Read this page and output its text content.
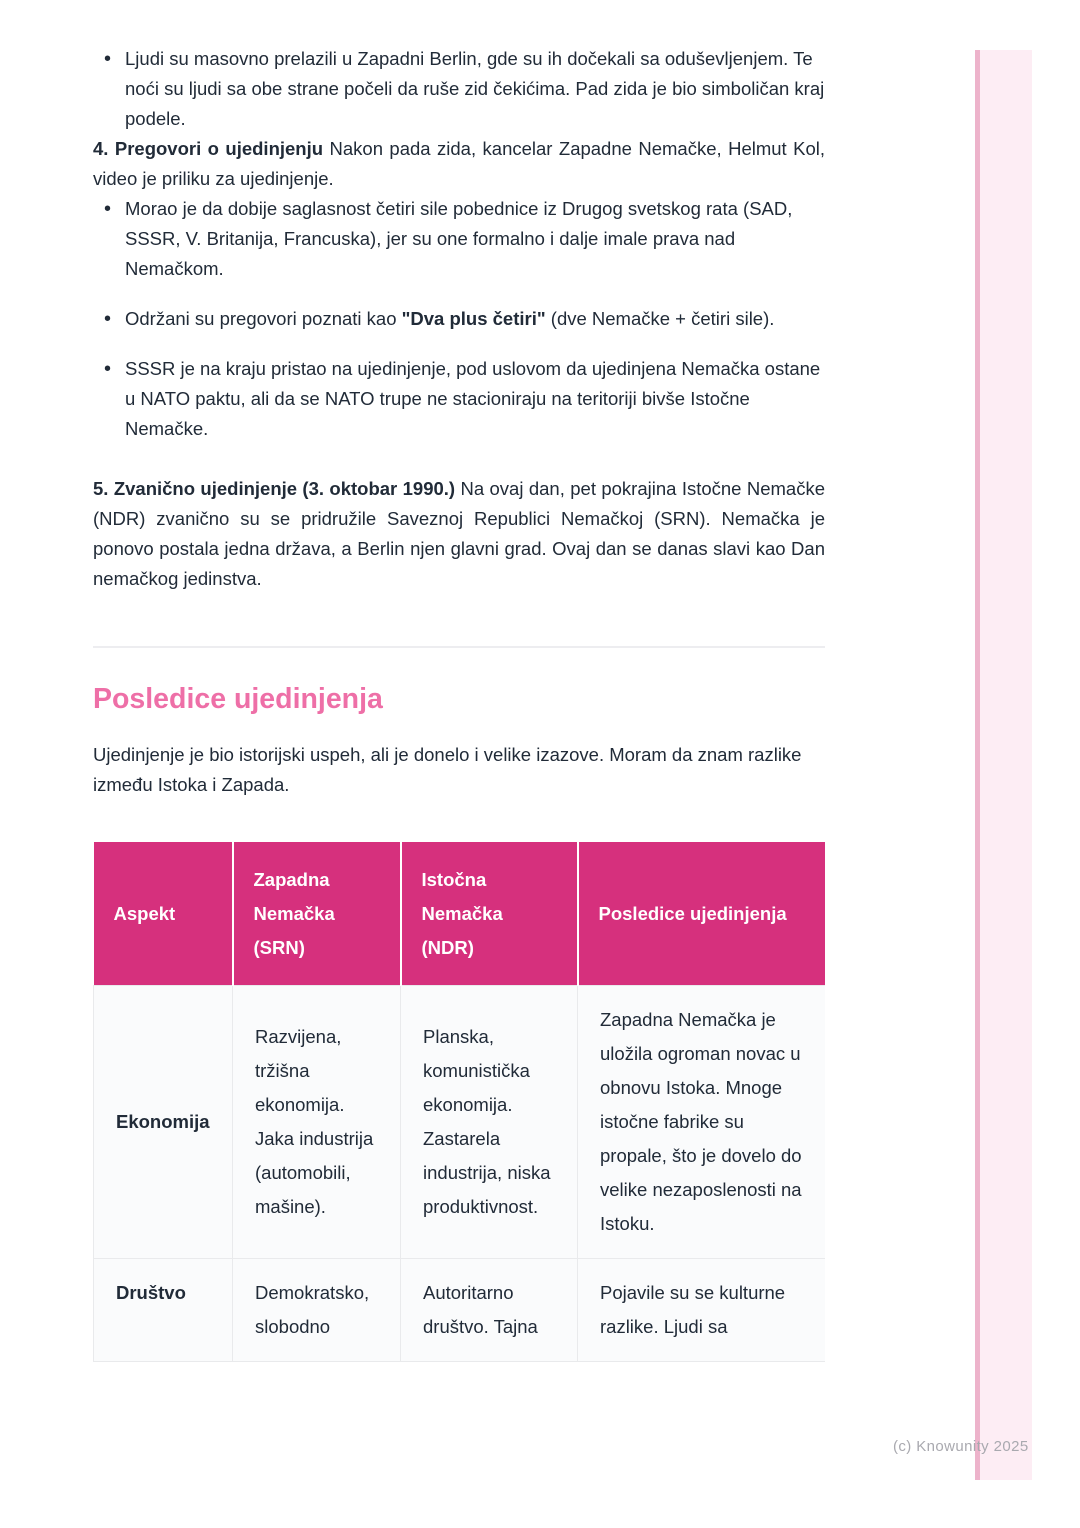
(c) Knowunity 2025
• Ljudi su masovno prelazili u Zapadni Berlin, gde su ih dočekali sa oduševljenjem. Te noći su ljudi sa obe strane počeli da ruše zid čekićima. Pad zida je bio simboličan kraj podele.

4. Pregovori o ujedinjenju Nakon pada zida, kancelar Zapadne Nemačke, Helmut Kol, video je priliku za ujedinjenje.

• Morao je da dobije saglasnost četiri sile pobednice iz Drugog svetskog rata (SAD, SSSR, V. Britanija, Francuska), jer su one formalno i dalje imale prava nad Nemačkom.
• Održani su pregovori poznati kao "Dva plus četiri" (dve Nemačke + četiri sile).
• SSSR je na kraju pristao na ujedinjenje, pod uslovom da ujedinjena Nemačka ostane u NATO paktu, ali da se NATO trupe ne stacioniraju na teritoriji bivše Istočne Nemačke.

5. Zvanično ujedinjenje (3. oktobar 1990.) Na ovaj dan, pet pokrajina Istočne Nemačke (NDR) zvanično su se pridružile Saveznoj Republici Nemačkoj (SRN). Nemačka je ponovo postala jedna država, a Berlin njen glavni grad. Ovaj dan se danas slavi kao Dan nemačkog jedinstva.

Posledice ujedinjenja

Ujedinjenje je bio istorijski uspeh, ali je donelo i velike izazove. Moram da znam razlike između Istoka i Zapada.

Aspekt	Zapadna Nemačka (SRN)	Istočna Nemačka (NDR)	Posledice ujedinjenja
Ekonomija	Razvijena, tržišna ekonomija. Jaka industrija (automobili, mašine).	Planska, komunistička ekonomija. Zastarela industrija, niska produktivnost.	Zapadna Nemačka je uložila ogroman novac u obnovu Istoka. Mnoge istočne fabrike su propale, što je dovelo do velike nezaposlenosti na Istoku.
Društvo	Demokratsko, slobodno	Autoritarno društvo. Tajna	Pojavile su se kulturne razlike. Ljudi sa
